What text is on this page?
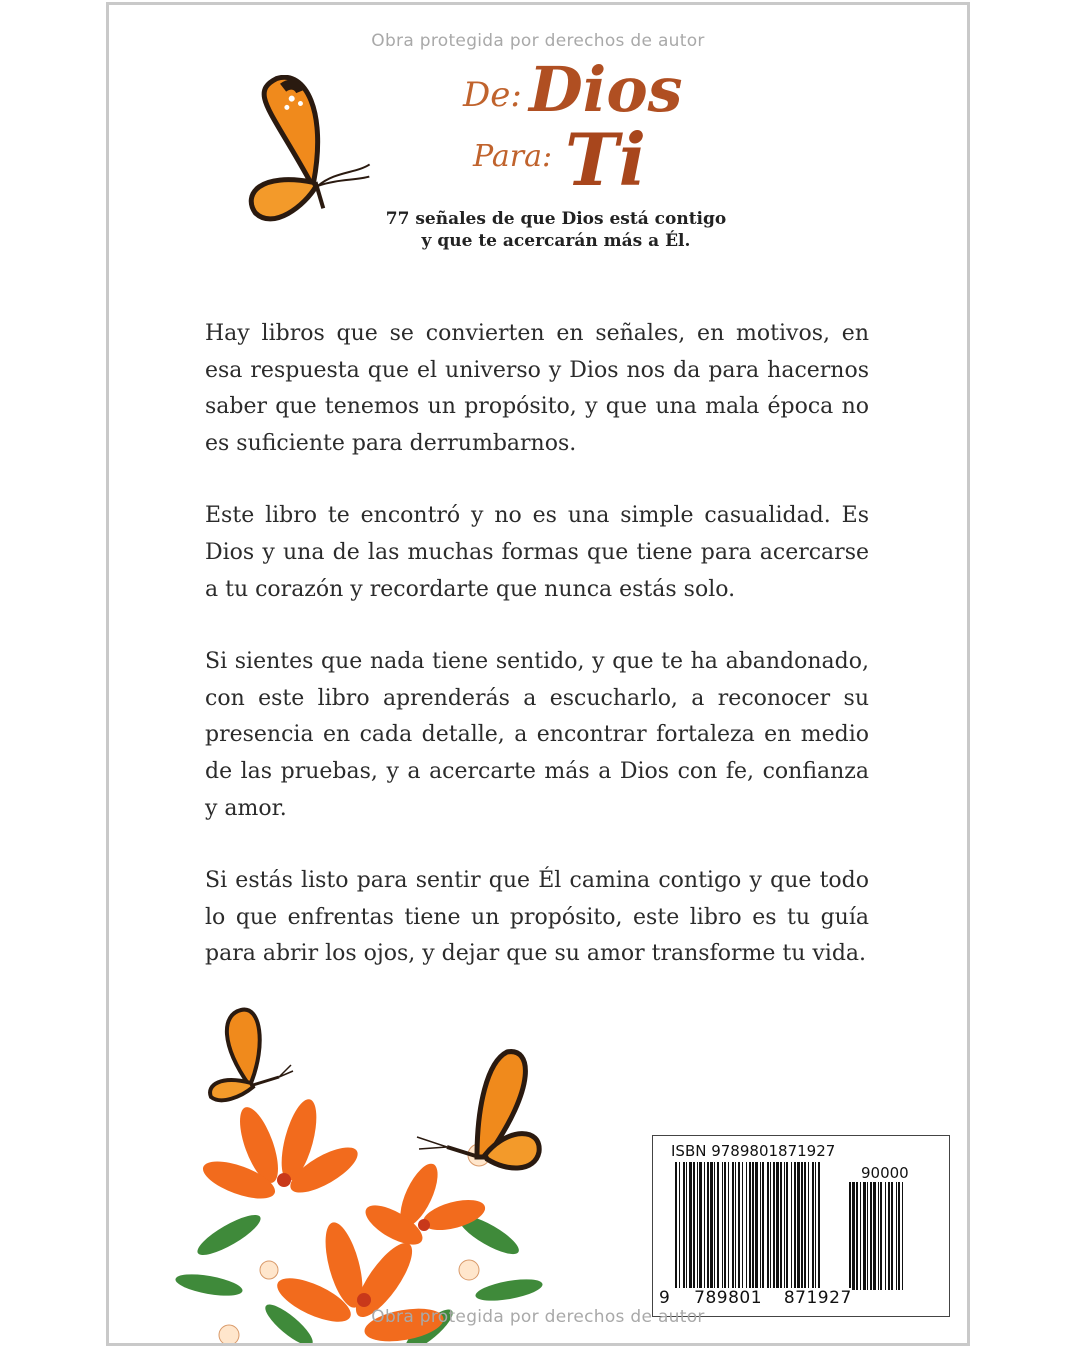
Obra protegida por derechos de autor
De: Dios
Para: Ti
77 señales de que Dios está contigo
y que te acercarán más a Él.

Hay libros que se convierten en señales, en motivos, en esa respuesta que el universo y Dios nos da para hacernos saber que tenemos un propósito, y que una mala época no es suficiente para derrumbarnos.

Este libro te encontró y no es una simple casualidad. Es Dios y una de las muchas formas que tiene para acercarse a tu corazón y recordarte que nunca estás solo.

Si sientes que nada tiene sentido, y que te ha abandonado, con este libro aprenderás a escucharlo, a reconocer su presencia en cada detalle, a encontrar fortaleza en medio de las pruebas, y a acercarte más a Dios con fe, confianza y amor.

Si estás listo para sentir que Él camina contigo y que todo lo que enfrentas tiene un propósito, este libro es tu guía para abrir los ojos, y dejar que su amor transforme tu vida.

ISBN 9789801871927
90000
9 789801 871927
Obra protegida por derechos de autor
